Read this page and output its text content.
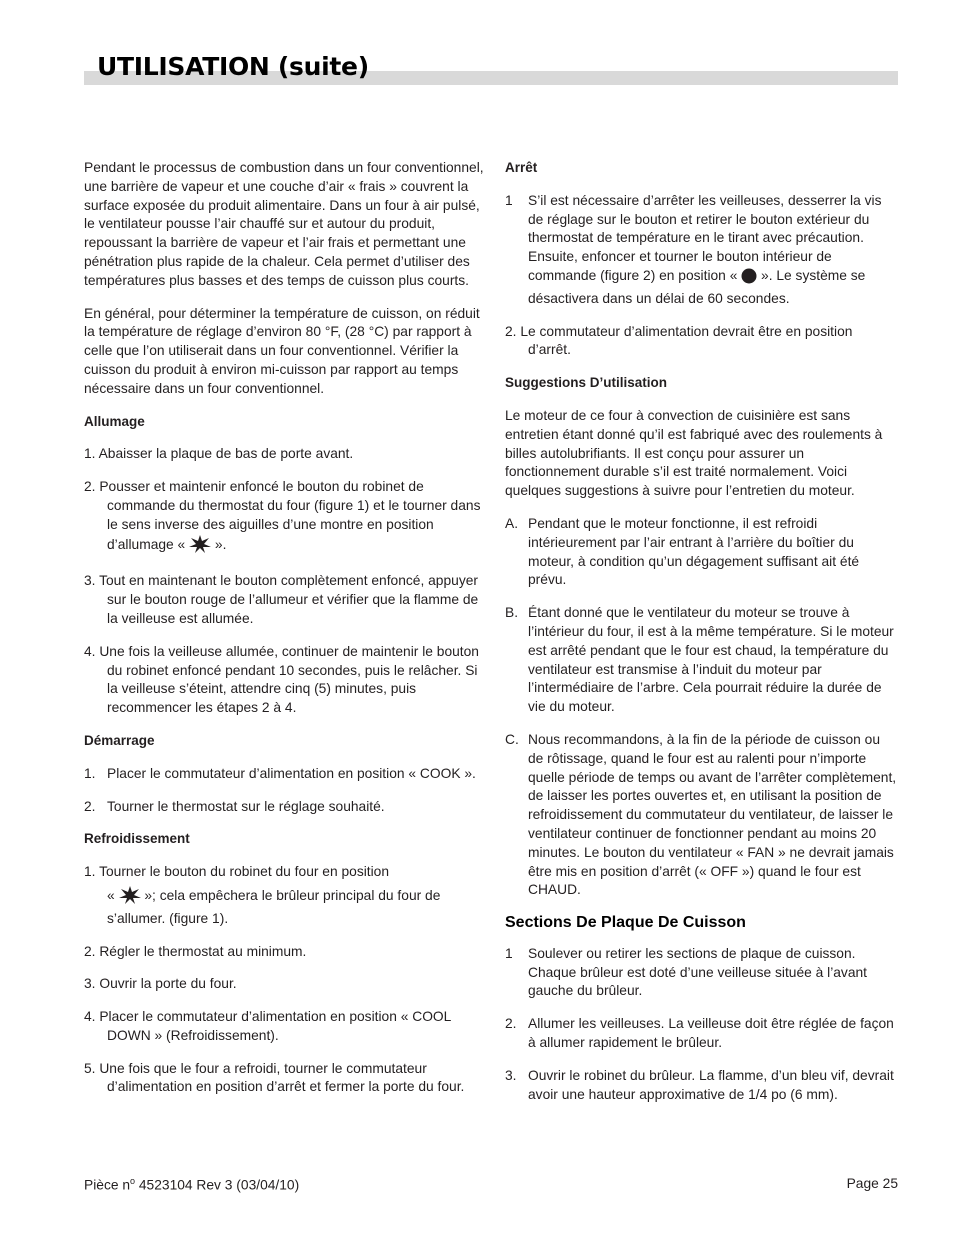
UTILISATION (suite)

Pendant le processus de combustion dans un four conventionnel, une barrière de vapeur et une couche d’air « frais » couvrent la surface exposée du produit alimentaire. Dans un four à air pulsé, le ventilateur pousse l’air chauffé sur et autour du produit, repoussant la barrière de vapeur et l’air frais et permettant une pénétration plus rapide de la chaleur. Cela permet d’utiliser des températures plus basses et des temps de cuisson plus courts.

En général, pour déterminer la température de cuisson, on réduit la température de réglage d’environ 80 °F, (28 °C) par rapport à celle que l’on utiliserait dans un four conventionnel. Vérifier la cuisson du produit à environ mi-cuisson par rapport au temps nécessaire dans un four conventionnel.

Allumage

1. Abaisser la plaque de bas de porte avant.

2. Pousser et maintenir enfoncé le bouton du robinet de commande du thermostat du four (figure 1) et le tourner dans le sens inverse des aiguilles d’une montre en position d’allumage «  ».

3. Tout en maintenant le bouton complètement enfoncé, appuyer sur le bouton rouge de l’allumeur et vérifier que la flamme de la veilleuse est allumée.

4. Une fois la veilleuse allumée, continuer de maintenir le bouton du robinet enfoncé pendant 10 secondes, puis le relâcher. Si la veilleuse s’éteint, attendre cinq (5) minutes, puis recommencer les étapes 2 à 4.

Démarrage
1. Placer le commutateur d’alimentation en position « COOK ».
2. Tourner le thermostat sur le réglage souhaité.
Refroidissement

1. Tourner le bouton du robinet du four en position

«  »; cela empêchera le brûleur principal du four de s’allumer. (figure 1).

2. Régler le thermostat au minimum.

3. Ouvrir la porte du four.

4. Placer le commutateur d’alimentation en position « COOL DOWN » (Refroidissement).

5. Une fois que le four a refroidi, tourner le commutateur d’alimentation en position d’arrêt et fermer la porte du four.

Arrêt
1 S’il est nécessaire d’arrêter les veilleuses, desserrer la vis de réglage sur le bouton et retirer le bouton extérieur du thermostat de température en le tirant avec précaution. Ensuite, enfoncer et tourner le bouton intérieur de commande (figure 2) en position «  ». Le système se désactivera dans un délai de 60 secondes.

2. Le commutateur d’alimentation devrait être en position d’arrêt.

Suggestions D’utilisation

Le moteur de ce four à convection de cuisinière est sans entretien étant donné qu’il est fabriqué avec des roulements à billes autolubrifiants. Il est conçu pour assurer un fonctionnement durable s’il est traité normalement. Voici quelques suggestions à suivre pour l’entretien du moteur.

A. Pendant que le moteur fonctionne, il est refroidi intérieurement par l’air entrant à l’arrière du boîtier du moteur, à condition qu’un dégagement suffisant ait été prévu.
B. Étant donné que le ventilateur du moteur se trouve à l’intérieur du four, il est à la même température. Si le moteur est arrêté pendant que le four est chaud, la température du ventilateur est transmise à l’induit du moteur par l’intermédiaire de l’arbre. Cela pourrait réduire la durée de vie du moteur.
C. Nous recommandons, à la fin de la période de cuisson ou de rôtissage, quand le four est au ralenti pour n’importe quelle période de temps ou avant de l’arrêter complètement, de laisser les portes ouvertes et, en utilisant la position de refroidissement du commutateur du ventilateur, de laisser le ventilateur continuer de fonctionner pendant au moins 20 minutes. Le bouton du ventilateur « FAN » ne devrait jamais être mis en position d’arrêt (« OFF ») quand le four est CHAUD.
Sections De Plaque De Cuisson
1 Soulever ou retirer les sections de plaque de cuisson. Chaque brûleur est doté d’une veilleuse située à l’avant gauche du brûleur.
2. Allumer les veilleuses. La veilleuse doit être réglée de façon à allumer rapidement le brûleur.
3. Ouvrir le robinet du brûleur. La flamme, d’un bleu vif, devrait avoir une hauteur approximative de 1/4 po (6 mm).
Pièce $n^o$ 4523104 Rev 3 (03/04/10)	Page 25
